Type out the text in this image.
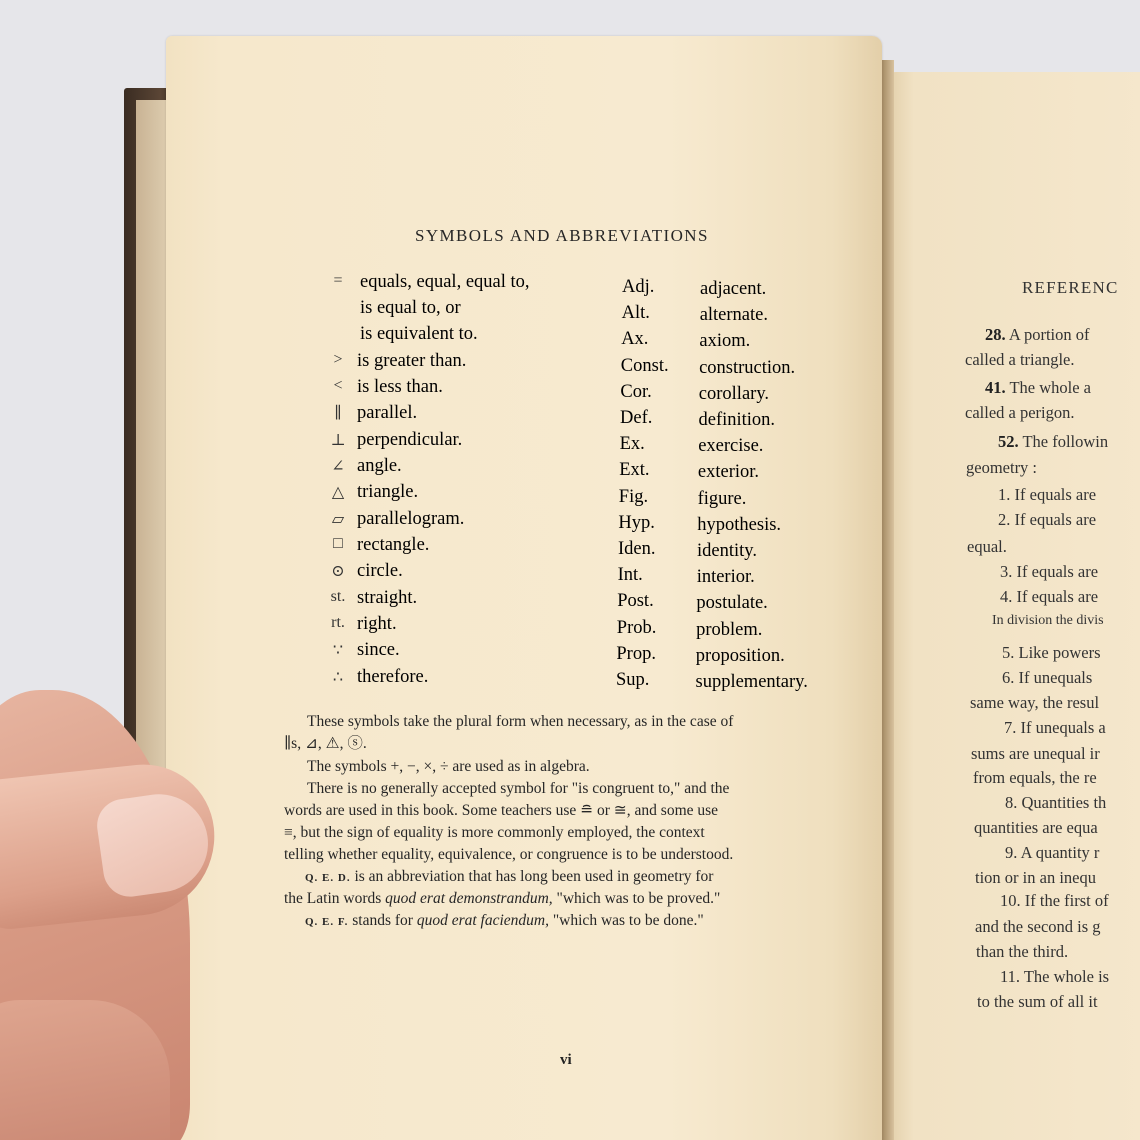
SYMBOLS AND ABBREVIATIONS
= equals, equal, equal to,
is equal to, or
is equivalent to.
> is greater than.
< is less than.
∥ parallel.
⊥ perpendicular.
∠ angle.
△ triangle.
▱ parallelogram.
□ rectangle.
⊙ circle.
st. straight.
rt. right.
∵ since.
∴ therefore.
Adj. adjacent.
Alt.	alternate.
Ax.	axiom.
Const. construction.
Cor.	corollary.
Def. definition.
Ex.	exercise.
Ext.	exterior.
Fig.	figure.
Hyp. hypothesis.
Iden. identity.
Int.	interior.
Post. postulate.
Prob. problem.
Prop. proposition.
Sup. supplementary.
These symbols take the plural form when necessary, as in the case of
∥s, ⊿, ⚠, ⓢ.
The symbols +, −, ×, ÷ are used as in algebra.
There is no generally accepted symbol for "is congruent to," and the
words are used in this book. Some teachers use ≘ or ≅, and some use
≡, but the sign of equality is more commonly employed, the context
telling whether equality, equivalence, or congruence is to be understood.
Q. E. D. is an abbreviation that has long been used in geometry for
the Latin words quod erat demonstrandum, "which was to be proved."
Q. E. F. stands for quod erat faciendum, "which was to be done."
vi
REFERENC
28. A portion of
called a triangle.
41. The whole a
called a perigon.
52. The followin
geometry :
1. If equals are
2. If equals are
equal.
3. If equals are
4. If equals are
In division the divis
5. Like powers
6. If unequals
same way, the resul
7. If unequals a
sums are unequal ir
from equals, the re
8. Quantities th
quantities are equa
9. A quantity r
tion or in an inequ
10. If the first of
and the second is g
than the third.
11. The whole is
to the sum of all it
